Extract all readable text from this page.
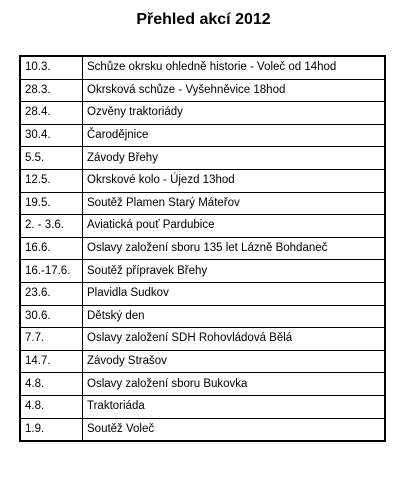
Přehled akcí 2012
10.3.	Schůze okrsku ohledně historie - Voleč od 14hod
28.3.	Okrsková schůze - Vyšehněvice 18hod
28.4.	Ozvěny traktoriády
30.4.	Čarodějnice
5.5.	Závody Břehy
12.5.	Okrskové kolo - Újezd 13hod
19.5.	Soutěž Plamen Starý Máteřov
2. - 3.6.	Aviatická pouť Pardubice
16.6.	Oslavy založení sboru 135 let Lázně Bohdaneč
16.-17.6.	Soutěž přípravek Břehy
23.6.	Plavidla Sudkov
30.6.	Dětský den
7.7.	Oslavy založení SDH Rohovládová Bělá
14.7.	Závody Strašov
4.8.	Oslavy založení sboru Bukovka
4.8.	Traktoriáda
1.9.	Soutěž Voleč
